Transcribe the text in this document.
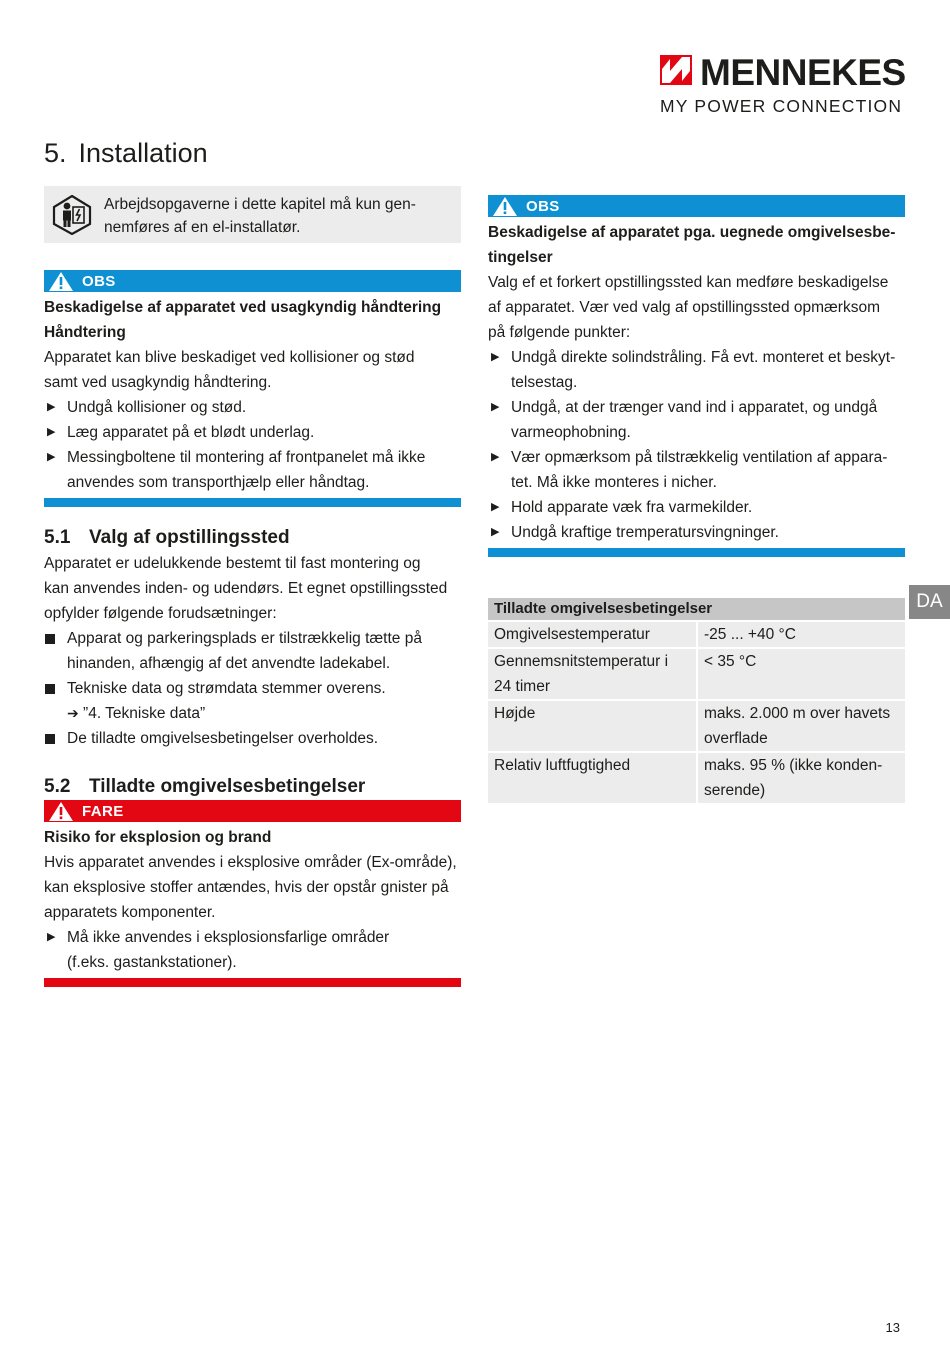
MENNEKES
MY POWER CONNECTION
5. Installation
Arbejdsopgaverne i dette kapitel må kun gen-
nemføres af en el-installatør.
OBS
Beskadigelse af apparatet ved usagkyndig håndtering
Håndtering
Apparatet kan blive beskadiget ved kollisioner og stød
samt ved usagkyndig håndtering.
▶ Undgå kollisioner og stød.
▶ Læg apparatet på et blødt underlag.
▶ Messingboltene til montering af frontpanelet må ikke
anvendes som transporthjælp eller håndtag.
5.1 Valg af opstillingssted
Apparatet er udelukkende bestemt til fast montering og
kan anvendes inden- og udendørs. Et egnet opstillingssted
opfylder følgende forudsætninger:
Apparat og parkeringsplads er tilstrækkelig tætte på
hinanden, afhængig af det anvendte ladekabel.
Tekniske data og strømdata stemmer overens.
➔ ”4. Tekniske data”
De tilladte omgivelsesbetingelser overholdes.
5.2 Tilladte omgivelsesbetingelser
FARE
Risiko for eksplosion og brand
Hvis apparatet anvendes i eksplosive områder (Ex-område),
kan eksplosive stoffer antændes, hvis der opstår gnister på
apparatets komponenter.
▶ Må ikke anvendes i eksplosionsfarlige områder
(f.eks. gastankstationer).
OBS
Beskadigelse af apparatet pga. uegnede omgivelsesbe-
tingelser
Valg ef et forkert opstillingssted kan medføre beskadigelse
af apparatet. Vær ved valg af opstillingssted opmærksom
på følgende punkter:
▶ Undgå direkte solindstråling. Få evt. monteret et beskyt-
telsestag.
▶ Undgå, at der trænger vand ind i apparatet, og undgå
varmeophobning.
▶ Vær opmærksom på tilstrækkelig ventilation af appara-
tet. Må ikke monteres i nicher.
▶ Hold apparate væk fra varmekilder.
▶ Undgå kraftige tremperatursvingninger.
Tilladte omgivelsesbetingelser	

Omgivelsestemperatur	-25 ... +40 °C

Gennemsnitstemperatur i
24 timer	< 35 °C

Højde	maks. 2.000 m over havets
overflade

Relativ luftfugtighed	maks. 95 % (ikke konden-
serende)
DA
13
